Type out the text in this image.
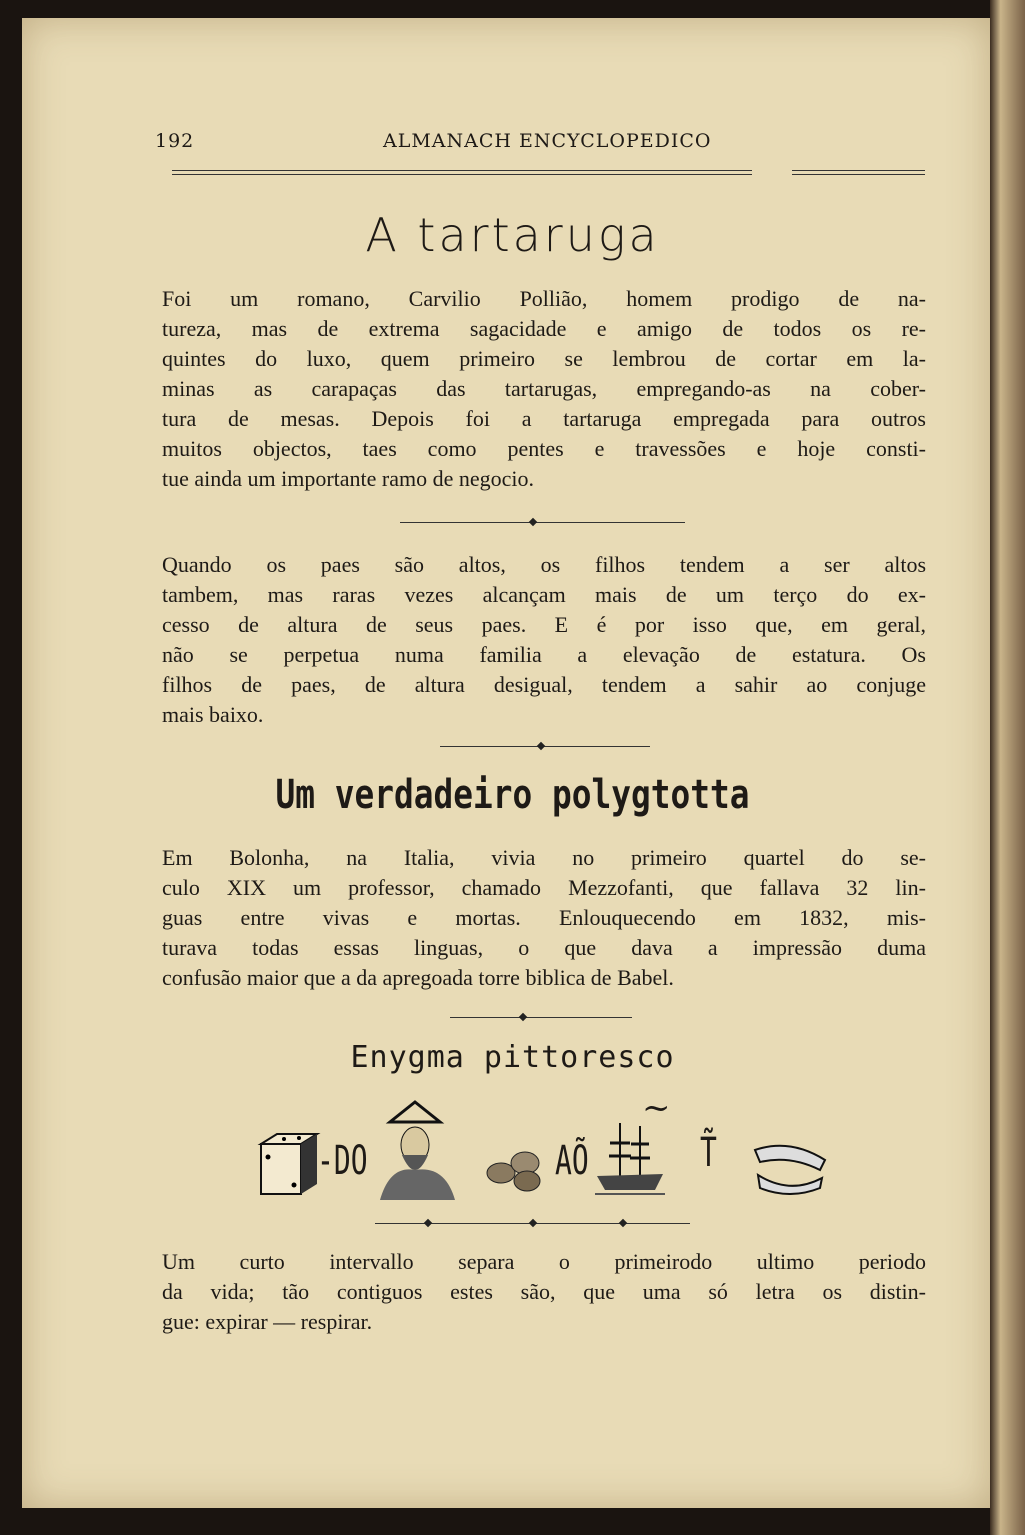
192	ALMANACH ENCYCLOPEDICO
A tartaruga
Foi um romano, Carvilio Pollião, homem prodigo de na-
tureza, mas de extrema sagacidade e amigo de todos os re-
quintes do luxo, quem primeiro se lembrou de cortar em la-
minas as carapaças das tartarugas, empregando-as na cober-
tura de mesas. Depois foi a tartaruga empregada para outros
muitos objectos, taes como pentes e travessões e hoje consti-
tue ainda um importante ramo de negocio.
Quando os paes são altos, os filhos tendem a ser altos
tambem, mas raras vezes alcançam mais de um terço do ex-
cesso de altura de seus paes. E é por isso que, em geral,
não se perpetua numa familia a elevação de estatura. Os
filhos de paes, de altura desigual, tendem a sahir ao conjuge
mais baixo.
Um verdadeiro polygtotta
Em Bolonha, na Italia, vivia no primeiro quartel do se-
culo XIX um professor, chamado Mezzofanti, que fallava 32 lin-
guas entre vivas e mortas. Enlouquecendo em 1832, mis-
turava todas essas linguas, o que dava a impressão duma
confusão maior que a da apregoada torre biblica de Babel.
Enygma pittoresco
-DO	AÕ
~
T̃
Um curto intervallo separa o primeirodo ultimo periodo
da vida; tão contiguos estes são, que uma só letra os distin-
gue: expirar — respirar.
